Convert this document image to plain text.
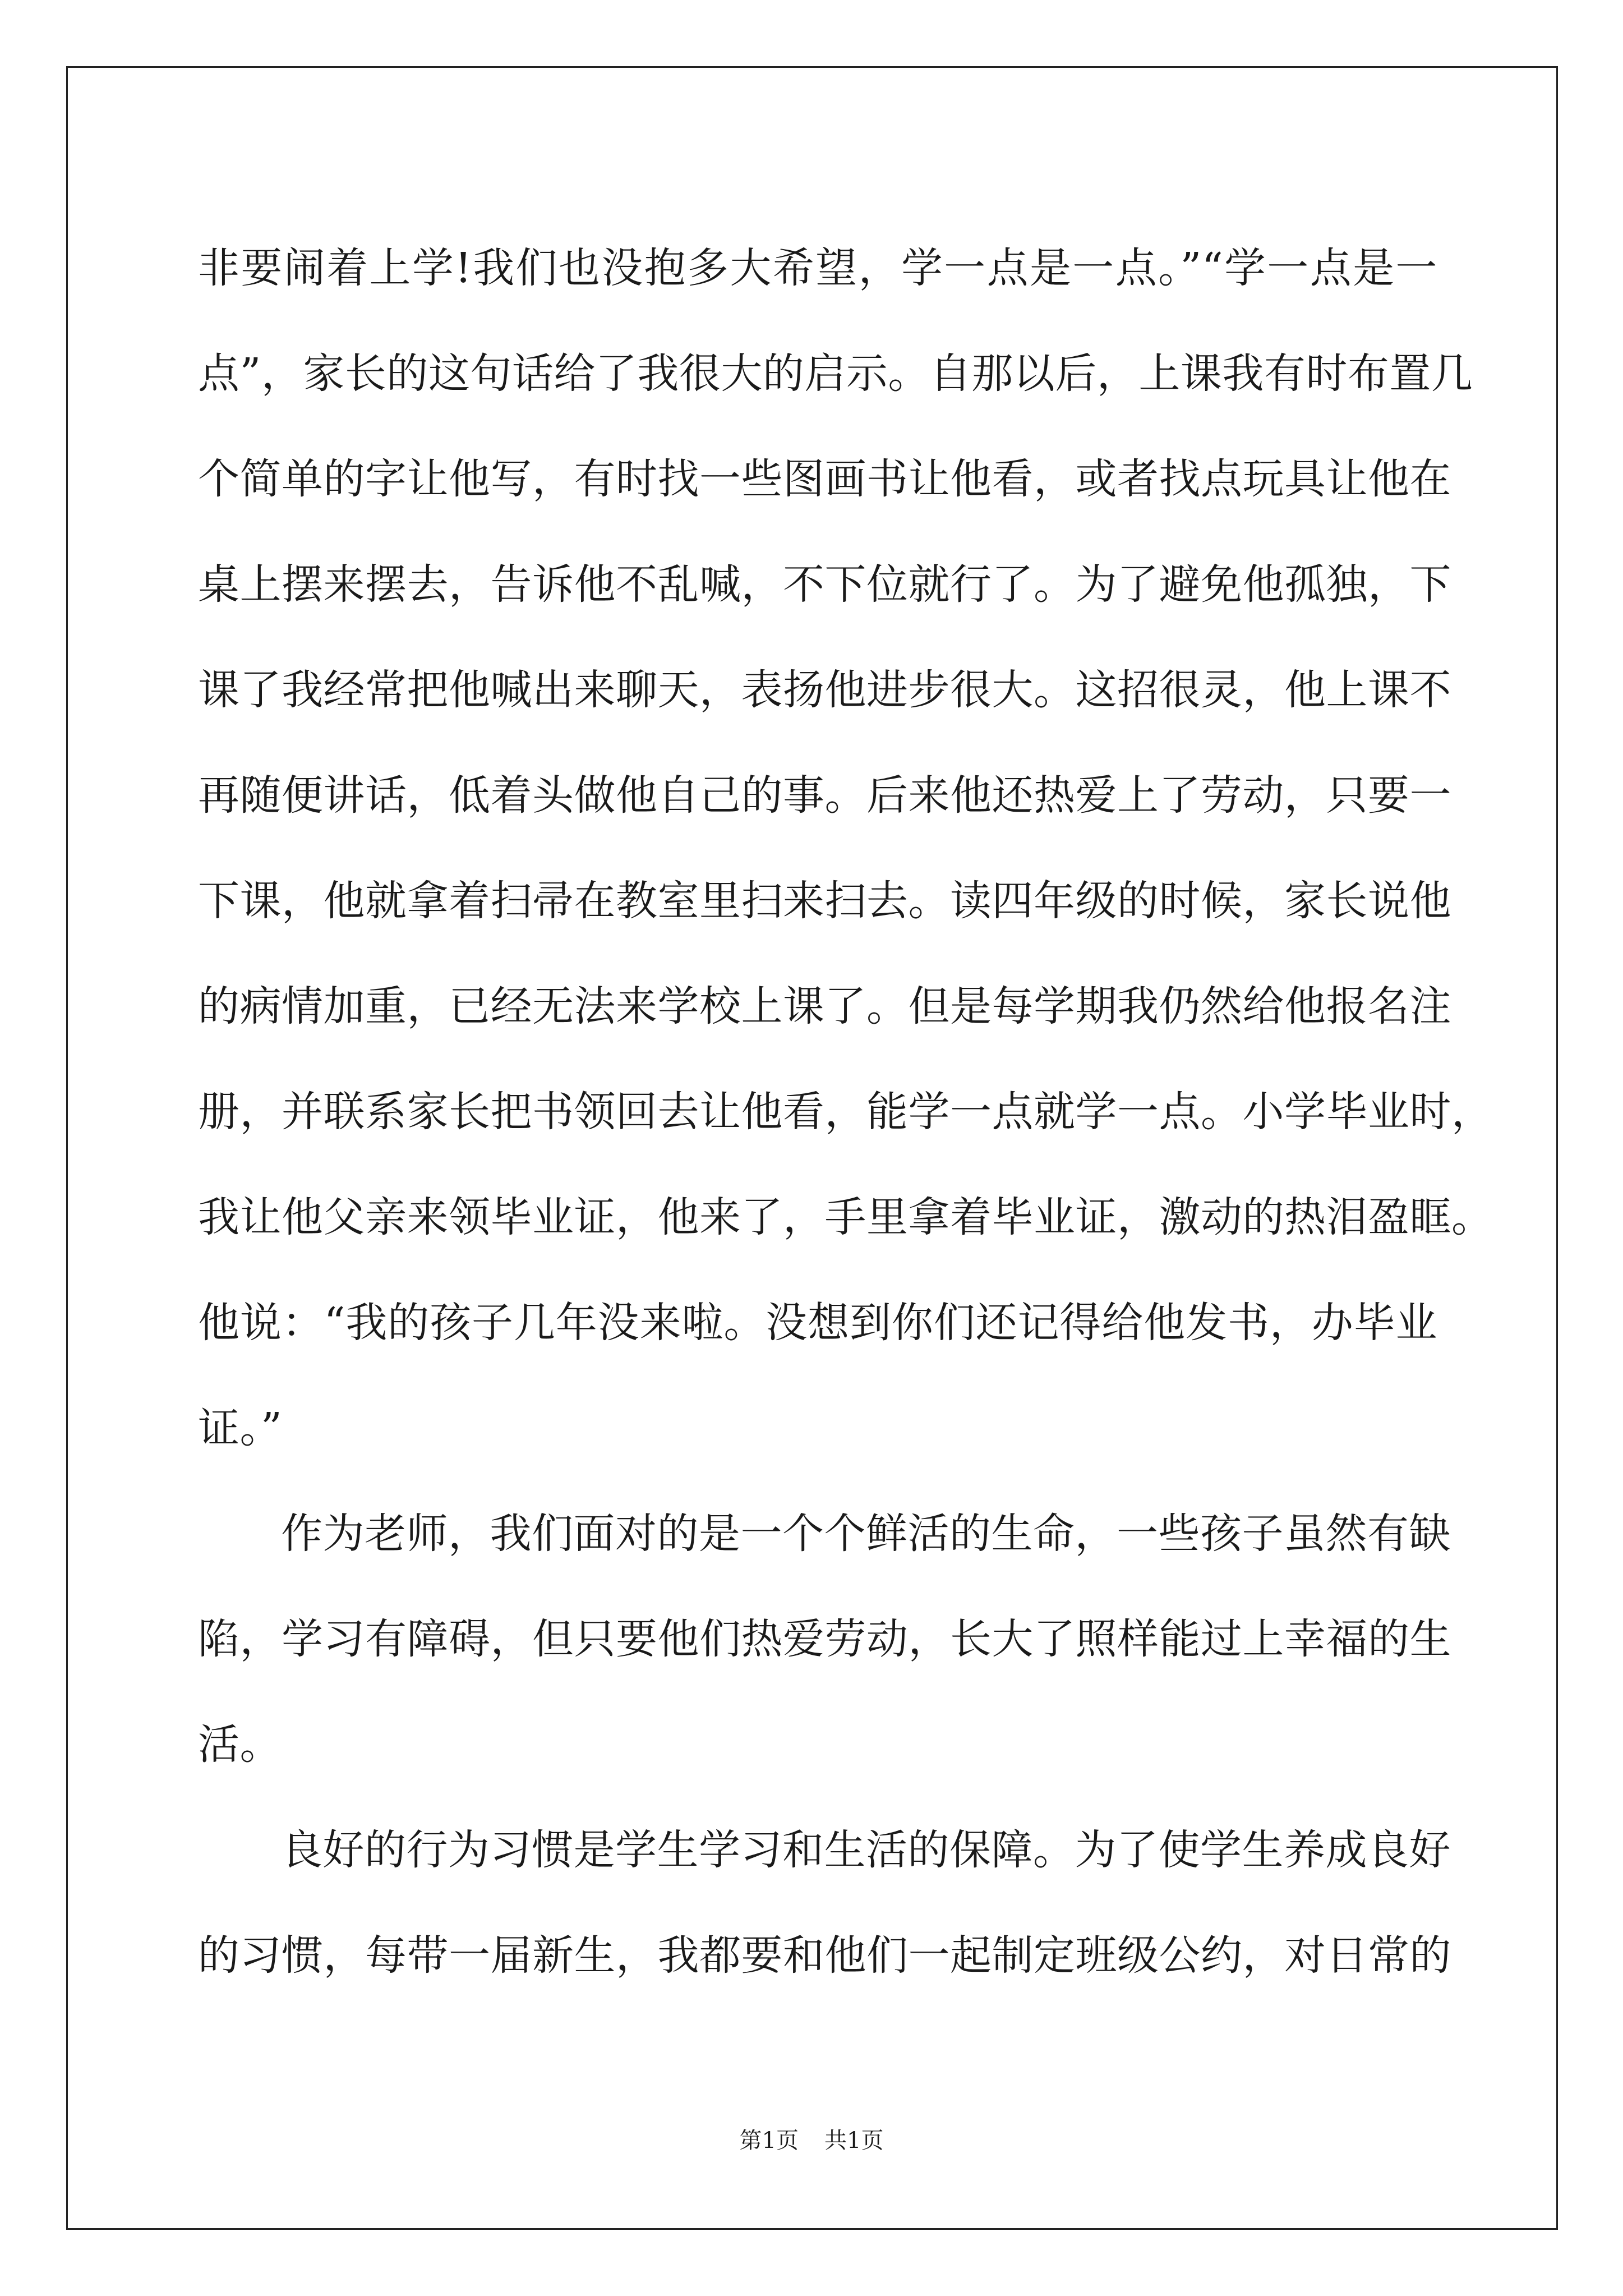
非要闹着上学!我们也没抱多大希望，学一点是一点。”“学一点是一
点”，家长的这句话给了我很大的启示。自那以后，上课我有时布置几
个简单的字让他写，有时找一些图画书让他看，或者找点玩具让他在
桌上摆来摆去，告诉他不乱喊，不下位就行了。为了避免他孤独，下
课了我经常把他喊出来聊天，表扬他进步很大。这招很灵，他上课不
再随便讲话，低着头做他自己的事。后来他还热爱上了劳动，只要一
下课，他就拿着扫帚在教室里扫来扫去。读四年级的时候，家长说他
的病情加重，已经无法来学校上课了。但是每学期我仍然给他报名注
册，并联系家长把书领回去让他看，能学一点就学一点。小学毕业时，
我让他父亲来领毕业证，他来了，手里拿着毕业证，激动的热泪盈眶。
他说：“我的孩子几年没来啦。没想到你们还记得给他发书，办毕业
证。”
作为老师，我们面对的是一个个鲜活的生命，一些孩子虽然有缺
陷，学习有障碍，但只要他们热爱劳动，长大了照样能过上幸福的生
活。
良好的行为习惯是学生学习和生活的保障。为了使学生养成良好
的习惯，每带一届新生，我都要和他们一起制定班级公约，对日常的
第1页 共1页
